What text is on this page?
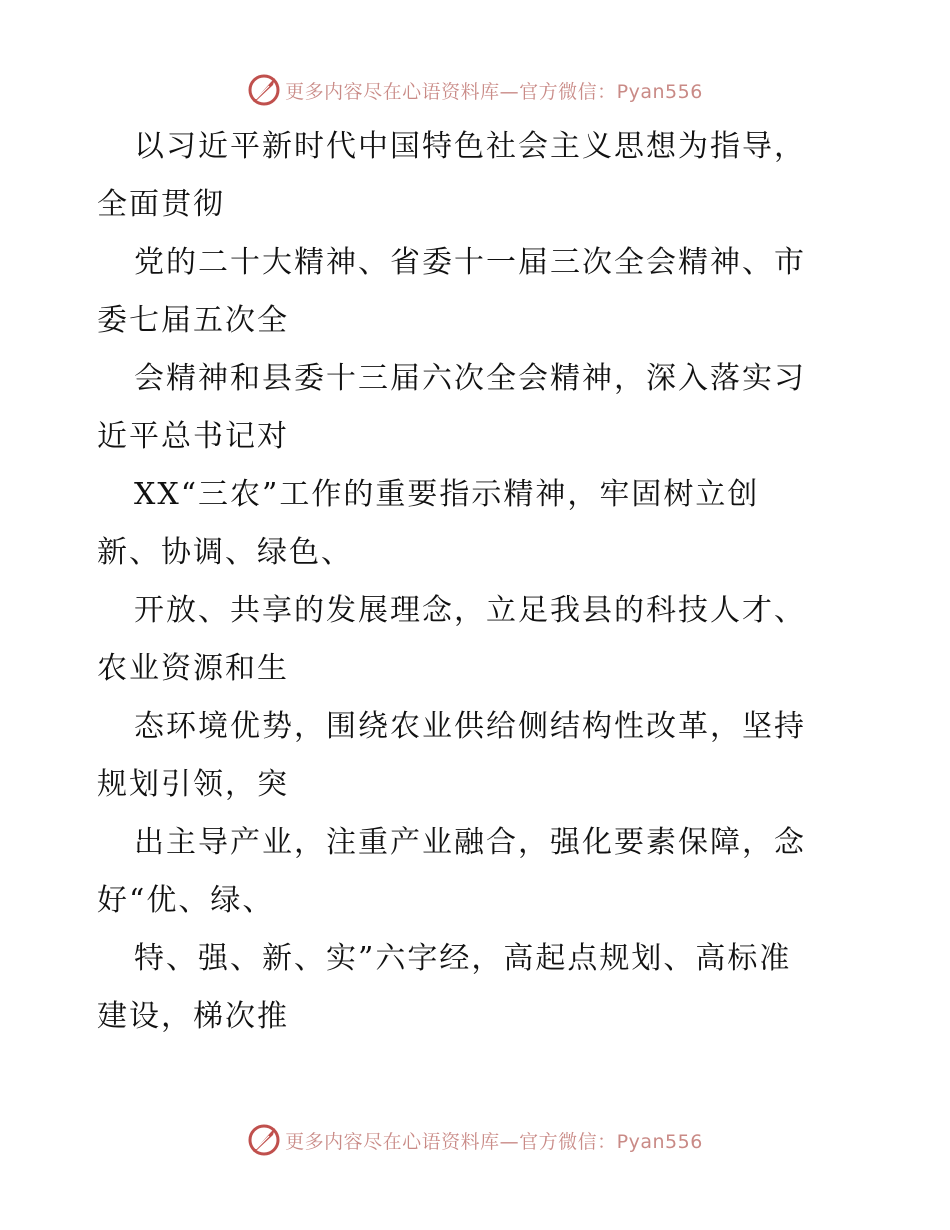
更多内容尽在心语资料库—官方微信：Pyan556
以习近平新时代中国特色社会主义思想为指导，
全面贯彻
党的二十大精神、省委十一届三次全会精神、市
委七届五次全
会精神和县委十三届六次全会精神，深入落实习
近平总书记对
XX“三农”工作的重要指示精神，牢固树立创
新、协调、绿色、
开放、共享的发展理念，立足我县的科技人才、
农业资源和生
态环境优势，围绕农业供给侧结构性改革，坚持
规划引领，突
出主导产业，注重产业融合，强化要素保障，念
好“优、绿、
特、强、新、实”六字经，高起点规划、高标准
建设，梯次推
更多内容尽在心语资料库—官方微信：Pyan556
